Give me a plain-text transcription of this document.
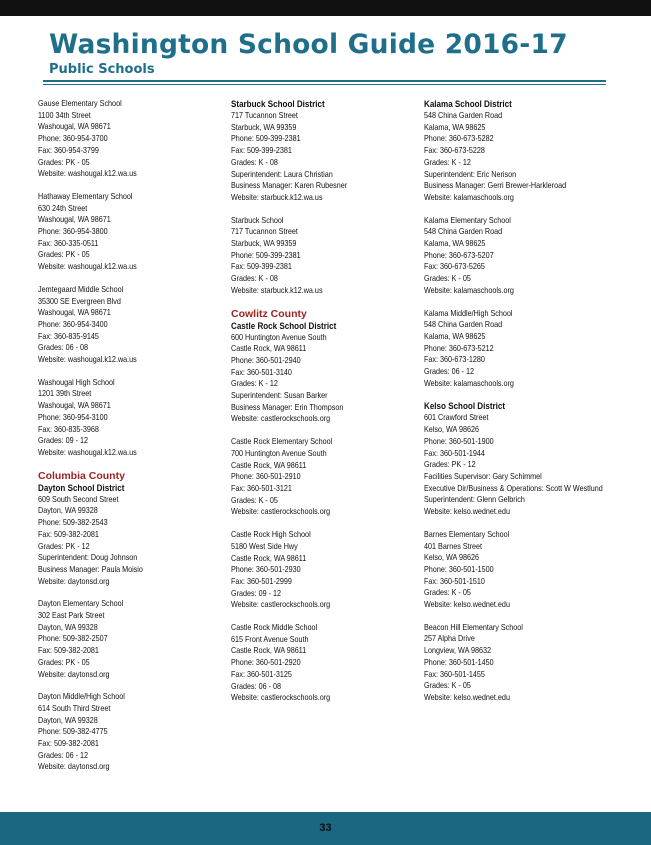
Washington School Guide 2016-17
Public Schools
Gause Elementary School
1100 34th Street
Washougal, WA 98671
Phone: 360-954-3700
Fax: 360-954-3799
Grades: PK - 05
Website: washougal.k12.wa.us
Hathaway Elementary School
630 24th Street
Washougal, WA 98671
Phone: 360-954-3800
Fax: 360-335-0511
Grades: PK - 05
Website: washougal.k12.wa.us
Jemtegaard Middle School
35300 SE Evergreen Blvd
Washougal, WA 98671
Phone: 360-954-3400
Fax: 360-835-9145
Grades: 06 - 08
Website: washougal.k12.wa.us
Washougal High School
1201 39th Street
Washougal, WA 98671
Phone: 360-954-3100
Fax: 360-835-3968
Grades: 09 - 12
Website: washougal.k12.wa.us
Columbia County
Dayton School District
609 South Second Street
Dayton, WA 99328
Phone: 509-382-2543
Fax: 509-382-2081
Grades: PK - 12
Superintendent: Doug Johnson
Business Manager: Paula Moisio
Website: daytonsd.org
Dayton Elementary School
302 East Park Street
Dayton, WA 99328
Phone: 509-382-2507
Fax: 509-382-2081
Grades: PK - 05
Website: daytonsd.org
Dayton Middle/High School
614 South Third Street
Dayton, WA 99328
Phone: 509-382-4775
Fax: 509-382-2081
Grades: 06 - 12
Website: daytonsd.org
Starbuck School District
717 Tucannon Street
Starbuck, WA 99359
Phone: 509-399-2381
Fax: 509-399-2381
Grades: K - 08
Superintendent: Laura Christian
Business Manager: Karen Rubesner
Website: starbuck.k12.wa.us
Starbuck School
717 Tucannon Street
Starbuck, WA 99359
Phone: 509-399-2381
Fax: 509-399-2381
Grades: K - 08
Website: starbuck.k12.wa.us
Cowlitz County
Castle Rock School District
600 Huntington Avenue South
Castle Rock, WA 98611
Phone: 360-501-2940
Fax: 360-501-3140
Grades: K - 12
Superintendent: Susan Barker
Business Manager: Erin Thompson
Website: castlerockschools.org
Castle Rock Elementary School
700 Huntington Avenue South
Castle Rock, WA 98611
Phone: 360-501-2910
Fax: 360-501-3121
Grades: K - 05
Website: castlerockschools.org
Castle Rock High School
5180 West Side Hwy
Castle Rock, WA 98611
Phone: 360-501-2930
Fax: 360-501-2999
Grades: 09 - 12
Website: castlerockschools.org
Castle Rock Middle School
615 Front Avenue South
Castle Rock, WA 98611
Phone: 360-501-2920
Fax: 360-501-3125
Grades: 06 - 08
Website: castlerockschools.org
Kalama School District
548 China Garden Road
Kalama, WA 98625
Phone: 360-673-5282
Fax: 360-673-5228
Grades: K - 12
Superintendent: Eric Nerison
Business Manager: Gerri Brewer-Harkleroad
Website: kalamaschools.org
Kalama Elementary School
548 China Garden Road
Kalama, WA 98625
Phone: 360-673-5207
Fax: 360-673-5265
Grades: K - 05
Website: kalamaschools.org
Kalama Middle/High School
548 China Garden Road
Kalama, WA 98625
Phone: 360-673-5212
Fax: 360-673-1280
Grades: 06 - 12
Website: kalamaschools.org
Kelso School District
601 Crawford Street
Kelso, WA 98626
Phone: 360-501-1900
Fax: 360-501-1944
Grades: PK - 12
Facilities Supervisor: Gary Schimmel
Executive Dir/Business & Operations: Scott W Westlund
Superintendent: Glenn Gelbrich
Website: kelso.wednet.edu
Barnes Elementary School
401 Barnes Street
Kelso, WA 98626
Phone: 360-501-1500
Fax: 360-501-1510
Grades: K - 05
Website: kelso.wednet.edu
Beacon Hill Elementary School
257 Alpha Drive
Longview, WA 98632
Phone: 360-501-1450
Fax: 360-501-1455
Grades: K - 05
Website: kelso.wednet.edu
33
